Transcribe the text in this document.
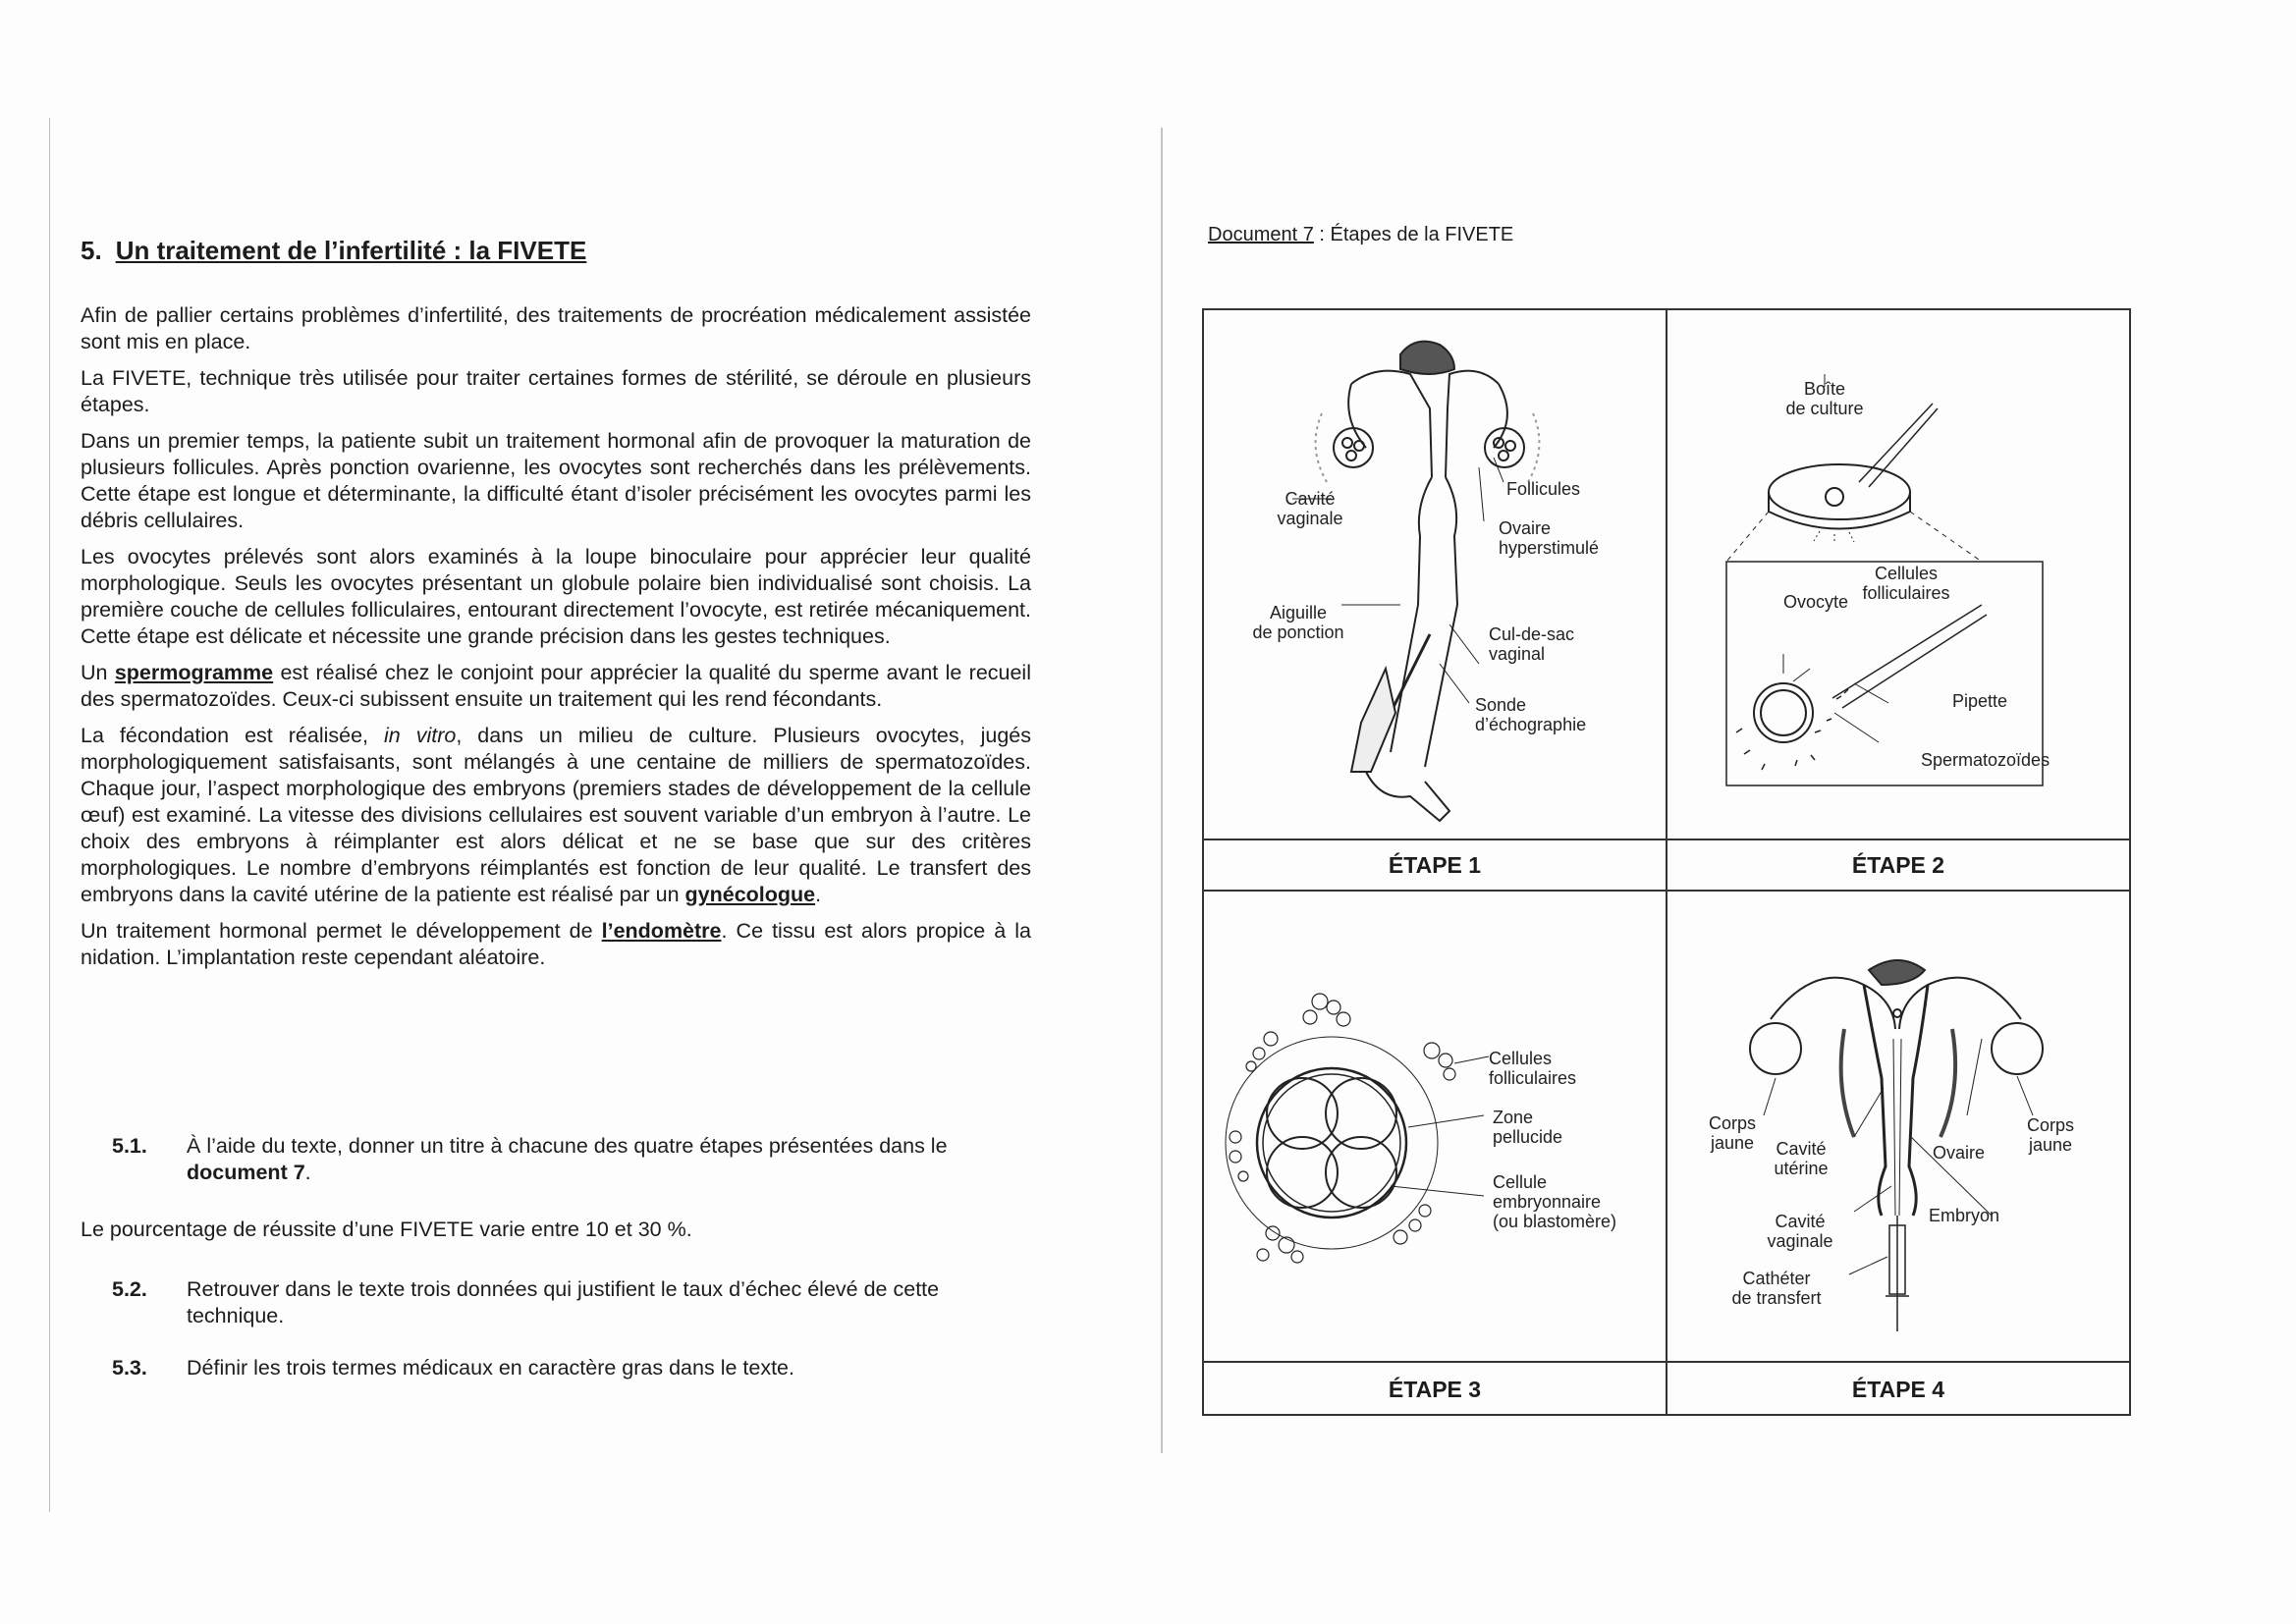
5. Un traitement de l’infertilité : la FIVETE

Afin de pallier certains problèmes d’infertilité, des traitements de procréation médicalement assistée sont mis en place.

La FIVETE, technique très utilisée pour traiter certaines formes de stérilité, se déroule en plusieurs étapes.

Dans un premier temps, la patiente subit un traitement hormonal afin de provoquer la maturation de plusieurs follicules. Après ponction ovarienne, les ovocytes sont recherchés dans les prélèvements. Cette étape est longue et déterminante, la difficulté étant d’isoler précisément les ovocytes parmi les débris cellulaires.

Les ovocytes prélevés sont alors examinés à la loupe binoculaire pour apprécier leur qualité morphologique. Seuls les ovocytes présentant un globule polaire bien individualisé sont choisis. La première couche de cellules folliculaires, entourant directement l’ovocyte, est retirée mécaniquement. Cette étape est délicate et nécessite une grande précision dans les gestes techniques.

Un spermogramme est réalisé chez le conjoint pour apprécier la qualité du sperme avant le recueil des spermatozoïdes. Ceux-ci subissent ensuite un traitement qui les rend fécondants.

La fécondation est réalisée, in vitro, dans un milieu de culture. Plusieurs ovocytes, jugés morphologiquement satisfaisants, sont mélangés à une centaine de milliers de spermatozoïdes. Chaque jour, l’aspect morphologique des embryons (premiers stades de développement de la cellule œuf) est examiné. La vitesse des divisions cellulaires est souvent variable d’un embryon à l’autre. Le choix des embryons à réimplanter est alors délicat et ne se base que sur des critères morphologiques. Le nombre d’embryons réimplantés est fonction de leur qualité. Le transfert des embryons dans la cavité utérine de la patiente est réalisé par un gynécologue.

Un traitement hormonal permet le développement de l’endomètre. Ce tissu est alors propice à la nidation. L’implantation reste cependant aléatoire.

5.1. À l’aide du texte, donner un titre à chacune des quatre étapes présentées dans le document 7.
Le pourcentage de réussite d’une FIVETE varie entre 10 et 30 %.
5.2. Retrouver dans le texte trois données qui justifient le taux d’échec élevé de cette technique.
5.3. Définir les trois termes médicaux en caractère gras dans le texte.
Document 7 : Étapes de la FIVETE
ÉTAPE 1	ÉTAPE 2
ÉTAPE 3	ÉTAPE 4
Cavité
vaginale
Follicules
Ovaire
hyperstimulé
Aiguille
de ponction	Cul-de-sac
vaginal
Sonde
d’échographie
Boîte
de culture
Cellules
folliculaires
Ovocyte
Pipette
Spermatozoïdes
Cellules
folliculaires
Zone
pellucide
Cellule
embryonnaire
(ou blastomère)
Corps
jaune
Corps
jaune
Cavité
utérine
Ovaire
Cavité
vaginale
Embryon
Cathéter
de transfert
